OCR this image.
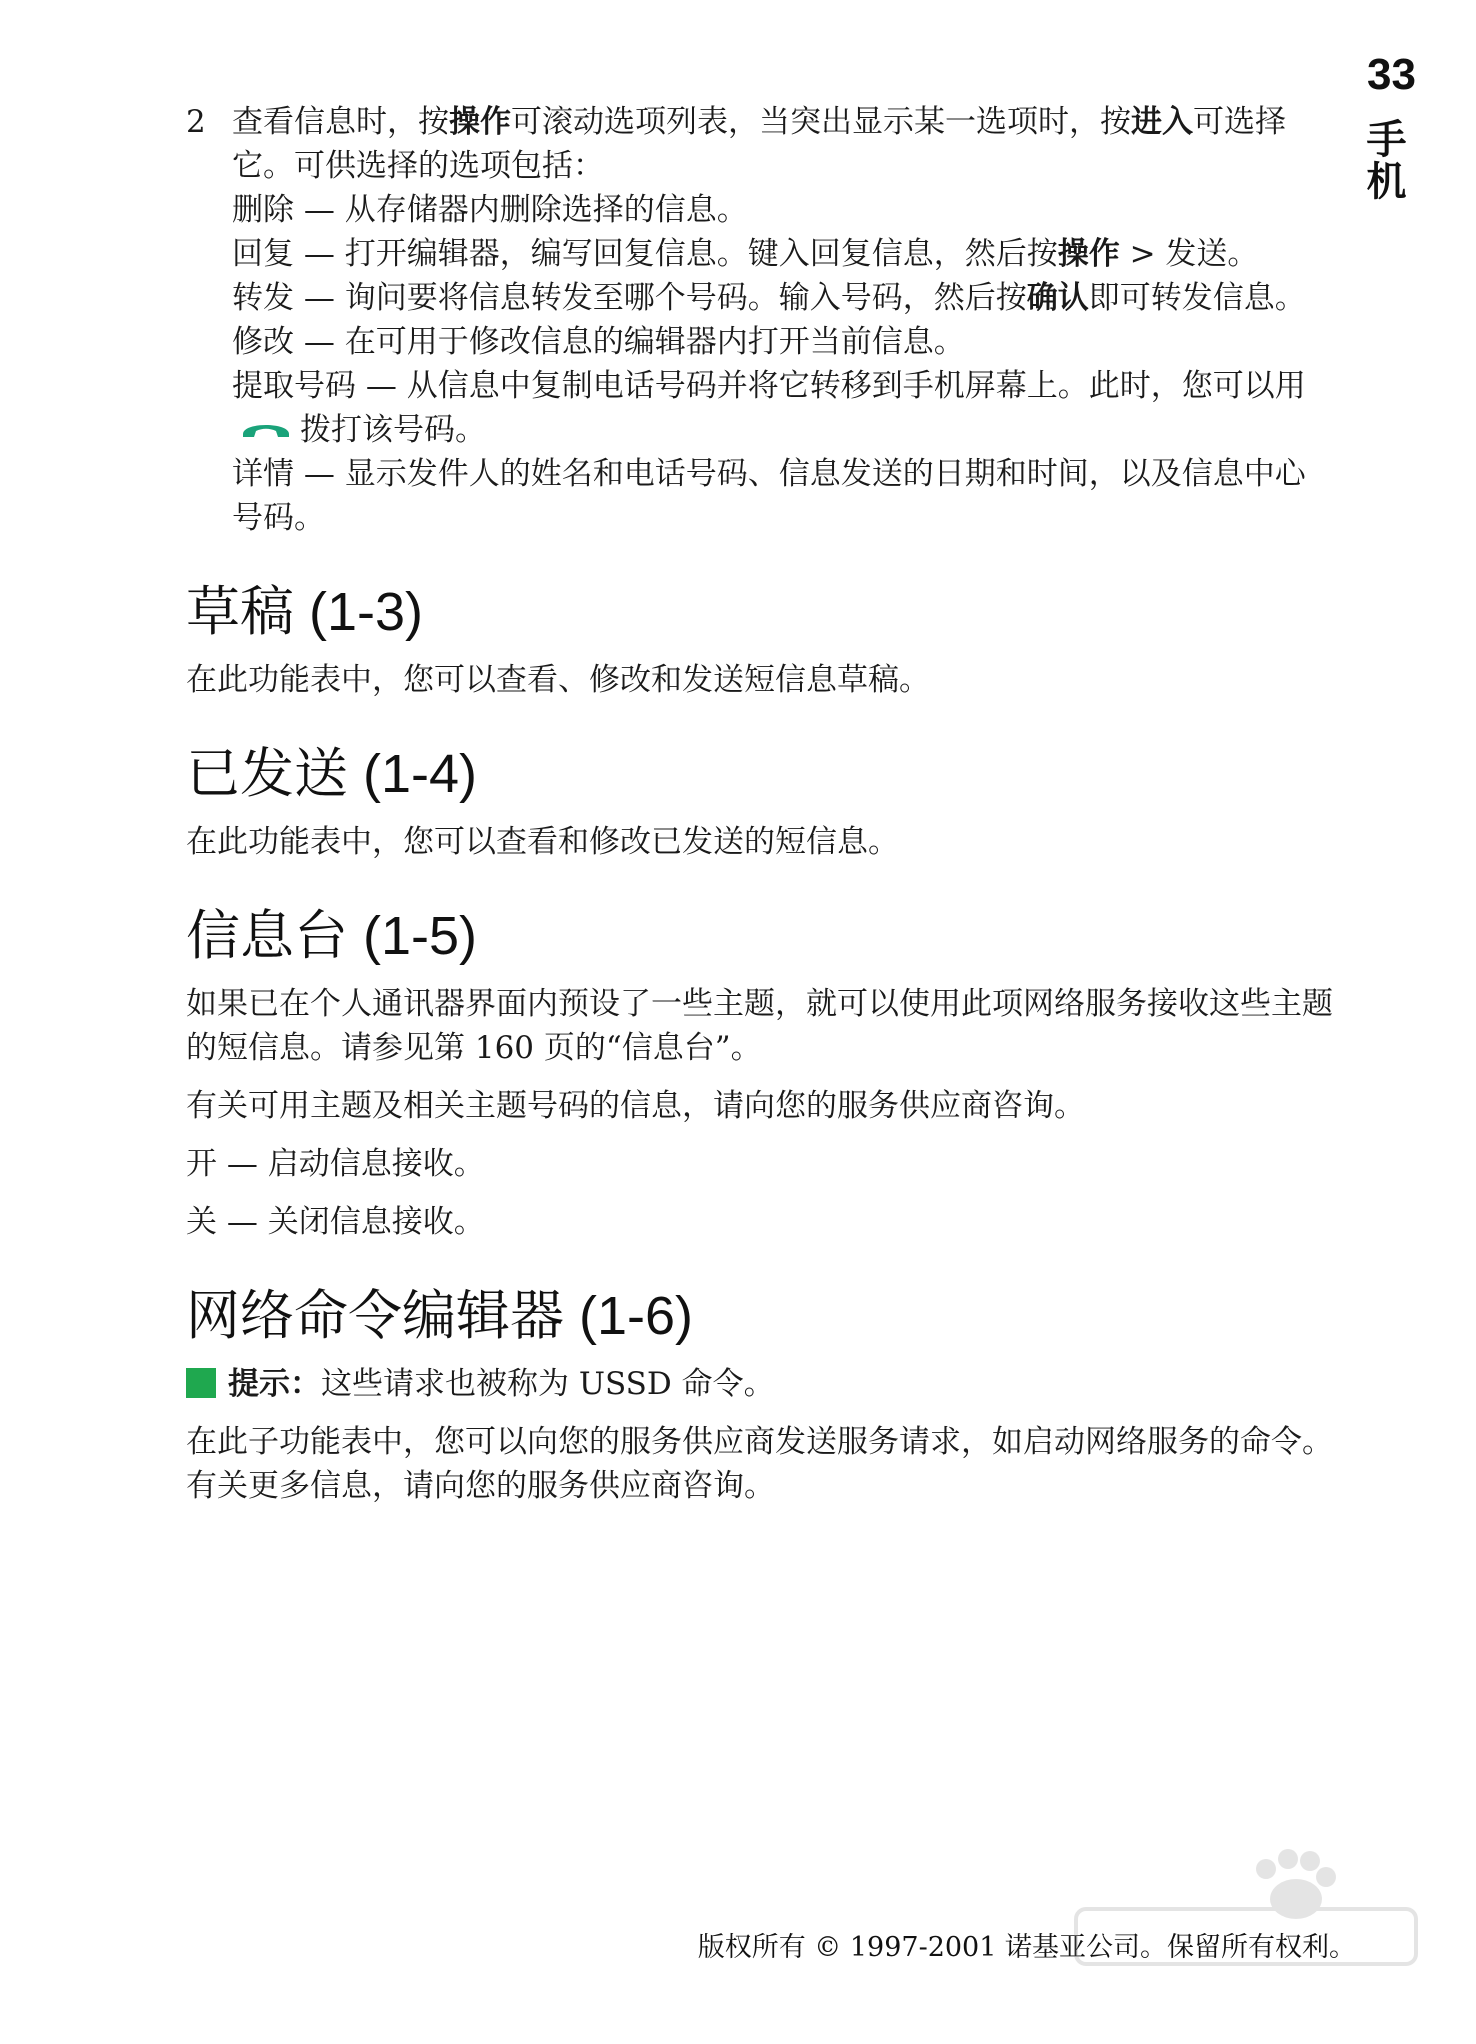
33
手机
2 查看信息时，按操作可滚动选项列表，当突出显示某一选项时，按进入可选择它。可供选择的选项包括：

删除 — 从存储器内删除选择的信息。

回复 — 打开编辑器，编写回复信息。键入回复信息，然后按操作 > 发送。

转发 — 询问要将信息转发至哪个号码。输入号码，然后按确认即可转发信息。

修改 — 在可用于修改信息的编辑器内打开当前信息。

提取号码 — 从信息中复制电话号码并将它转移到手机屏幕上。此时，您可以用拨打该号码。

详情 — 显示发件人的姓名和电话号码、信息发送的日期和时间，以及信息中心号码。

草稿 (1-3)

在此功能表中，您可以查看、修改和发送短信息草稿。

已发送 (1-4)

在此功能表中，您可以查看和修改已发送的短信息。

信息台 (1-5)

如果已在个人通讯器界面内预设了一些主题，就可以使用此项网络服务接收这些主题的短信息。请参见第 160 页的“信息台”。

有关可用主题及相关主题号码的信息，请向您的服务供应商咨询。

开 — 启动信息接收。

关 — 关闭信息接收。

网络命令编辑器 (1-6)

提示：这些请求也被称为 USSD 命令。

在此子功能表中，您可以向您的服务供应商发送服务请求，如启动网络服务的命令。有关更多信息，请向您的服务供应商咨询。

版权所有 © 1997-2001 诺基亚公司。保留所有权利。
